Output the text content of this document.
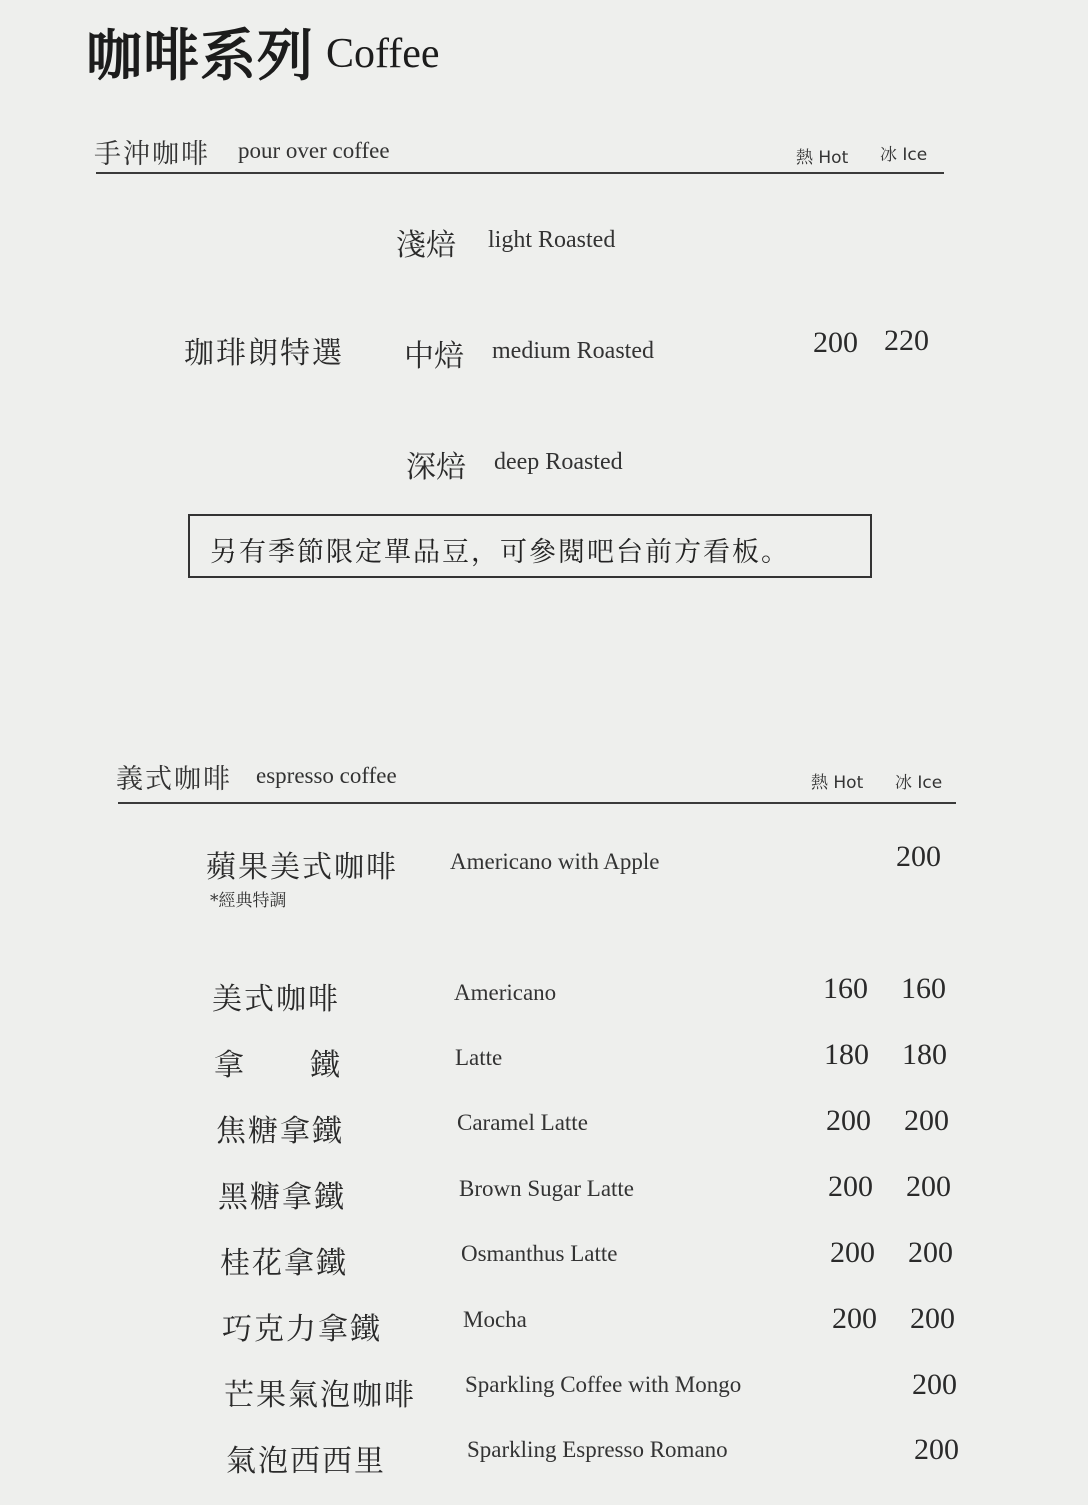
咖啡系列 Coffee
手沖咖啡 pour over coffee	熱 Hot 冰 Ice
淺焙 light Roasted
珈琲朗特選 中焙 medium Roasted	200 220
深焙 deep Roasted
另有季節限定單品豆，可參閱吧台前方看板。
義式咖啡 espresso coffee	熱 Hot 冰 Ice
蘋果美式咖啡
*經典特調
Americano with Apple	200
美式咖啡	Americano	160 160
拿　　鐵	Latte	180 180
焦糖拿鐵	Caramel Latte	200 200
黑糖拿鐵	Brown Sugar Latte	200 200
桂花拿鐵	Osmanthus Latte	200 200
巧克力拿鐵	Mocha	200 200
芒果氣泡咖啡 Sparkling Coffee with Mongo	200
氣泡西西里	Sparkling Espresso Romano	200
